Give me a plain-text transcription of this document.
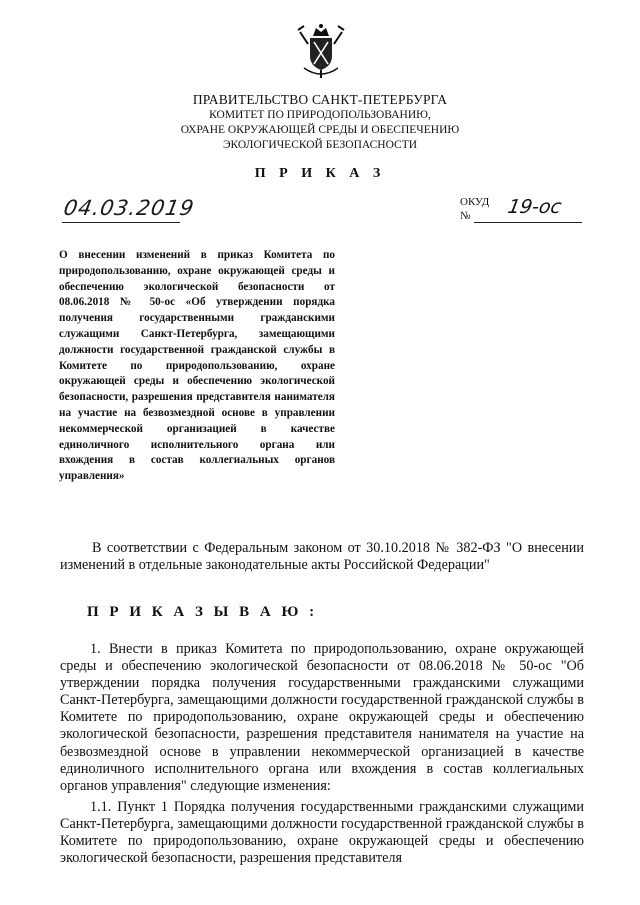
ПРАВИТЕЛЬСТВО САНКТ-ПЕТЕРБУРГА
КОМИТЕТ ПО ПРИРОДОПОЛЬЗОВАНИЮ,
ОХРАНЕ ОКРУЖАЮЩЕЙ СРЕДЫ И ОБЕСПЕЧЕНИЮ
ЭКОЛОГИЧЕСКОЙ БЕЗОПАСНОСТИ
П Р И К А З
04.03.2019	ОКУД
№ 19-ос
О внесении изменений в приказ Комитета по природопользованию, охране окружающей среды и обеспечению экологической безопасности от 08.06.2018 № 50-ос «Об утверждении порядка получения государственными гражданскими служащими Санкт-Петербурга, замещающими должности государственной гражданской службы в Комитете по природопользованию, охране окружающей среды и обеспечению экологической безопасности, разрешения представителя нанимателя на участие на безвозмездной основе в управлении некоммерческой организацией в качестве единоличного исполнительного органа или вхождения в состав коллегиальных органов управления»
В соответствии с Федеральным законом от 30.10.2018 № 382-ФЗ "О внесении изменений в отдельные законодательные акты Российской Федерации"
П Р И К А З Ы В А Ю :
1. Внести в приказ Комитета по природопользованию, охране окружающей среды и обеспечению экологической безопасности от 08.06.2018 № 50-ос "Об утверждении порядка получения государственными гражданскими служащими Санкт-Петербурга, замещающими должности государственной гражданской службы в Комитете по природопользованию, охране окружающей среды и обеспечению экологической безопасности, разрешения представителя нанимателя на участие на безвозмездной основе в управлении некоммерческой организацией в качестве единоличного исполнительного органа или вхождения в состав коллегиальных органов управления" следующие изменения:
1.1. Пункт 1 Порядка получения государственными гражданскими служащими Санкт-Петербурга, замещающими должности государственной гражданской службы в Комитете по природопользованию, охране окружающей среды и обеспечению экологической безопасности, разрешения представителя
